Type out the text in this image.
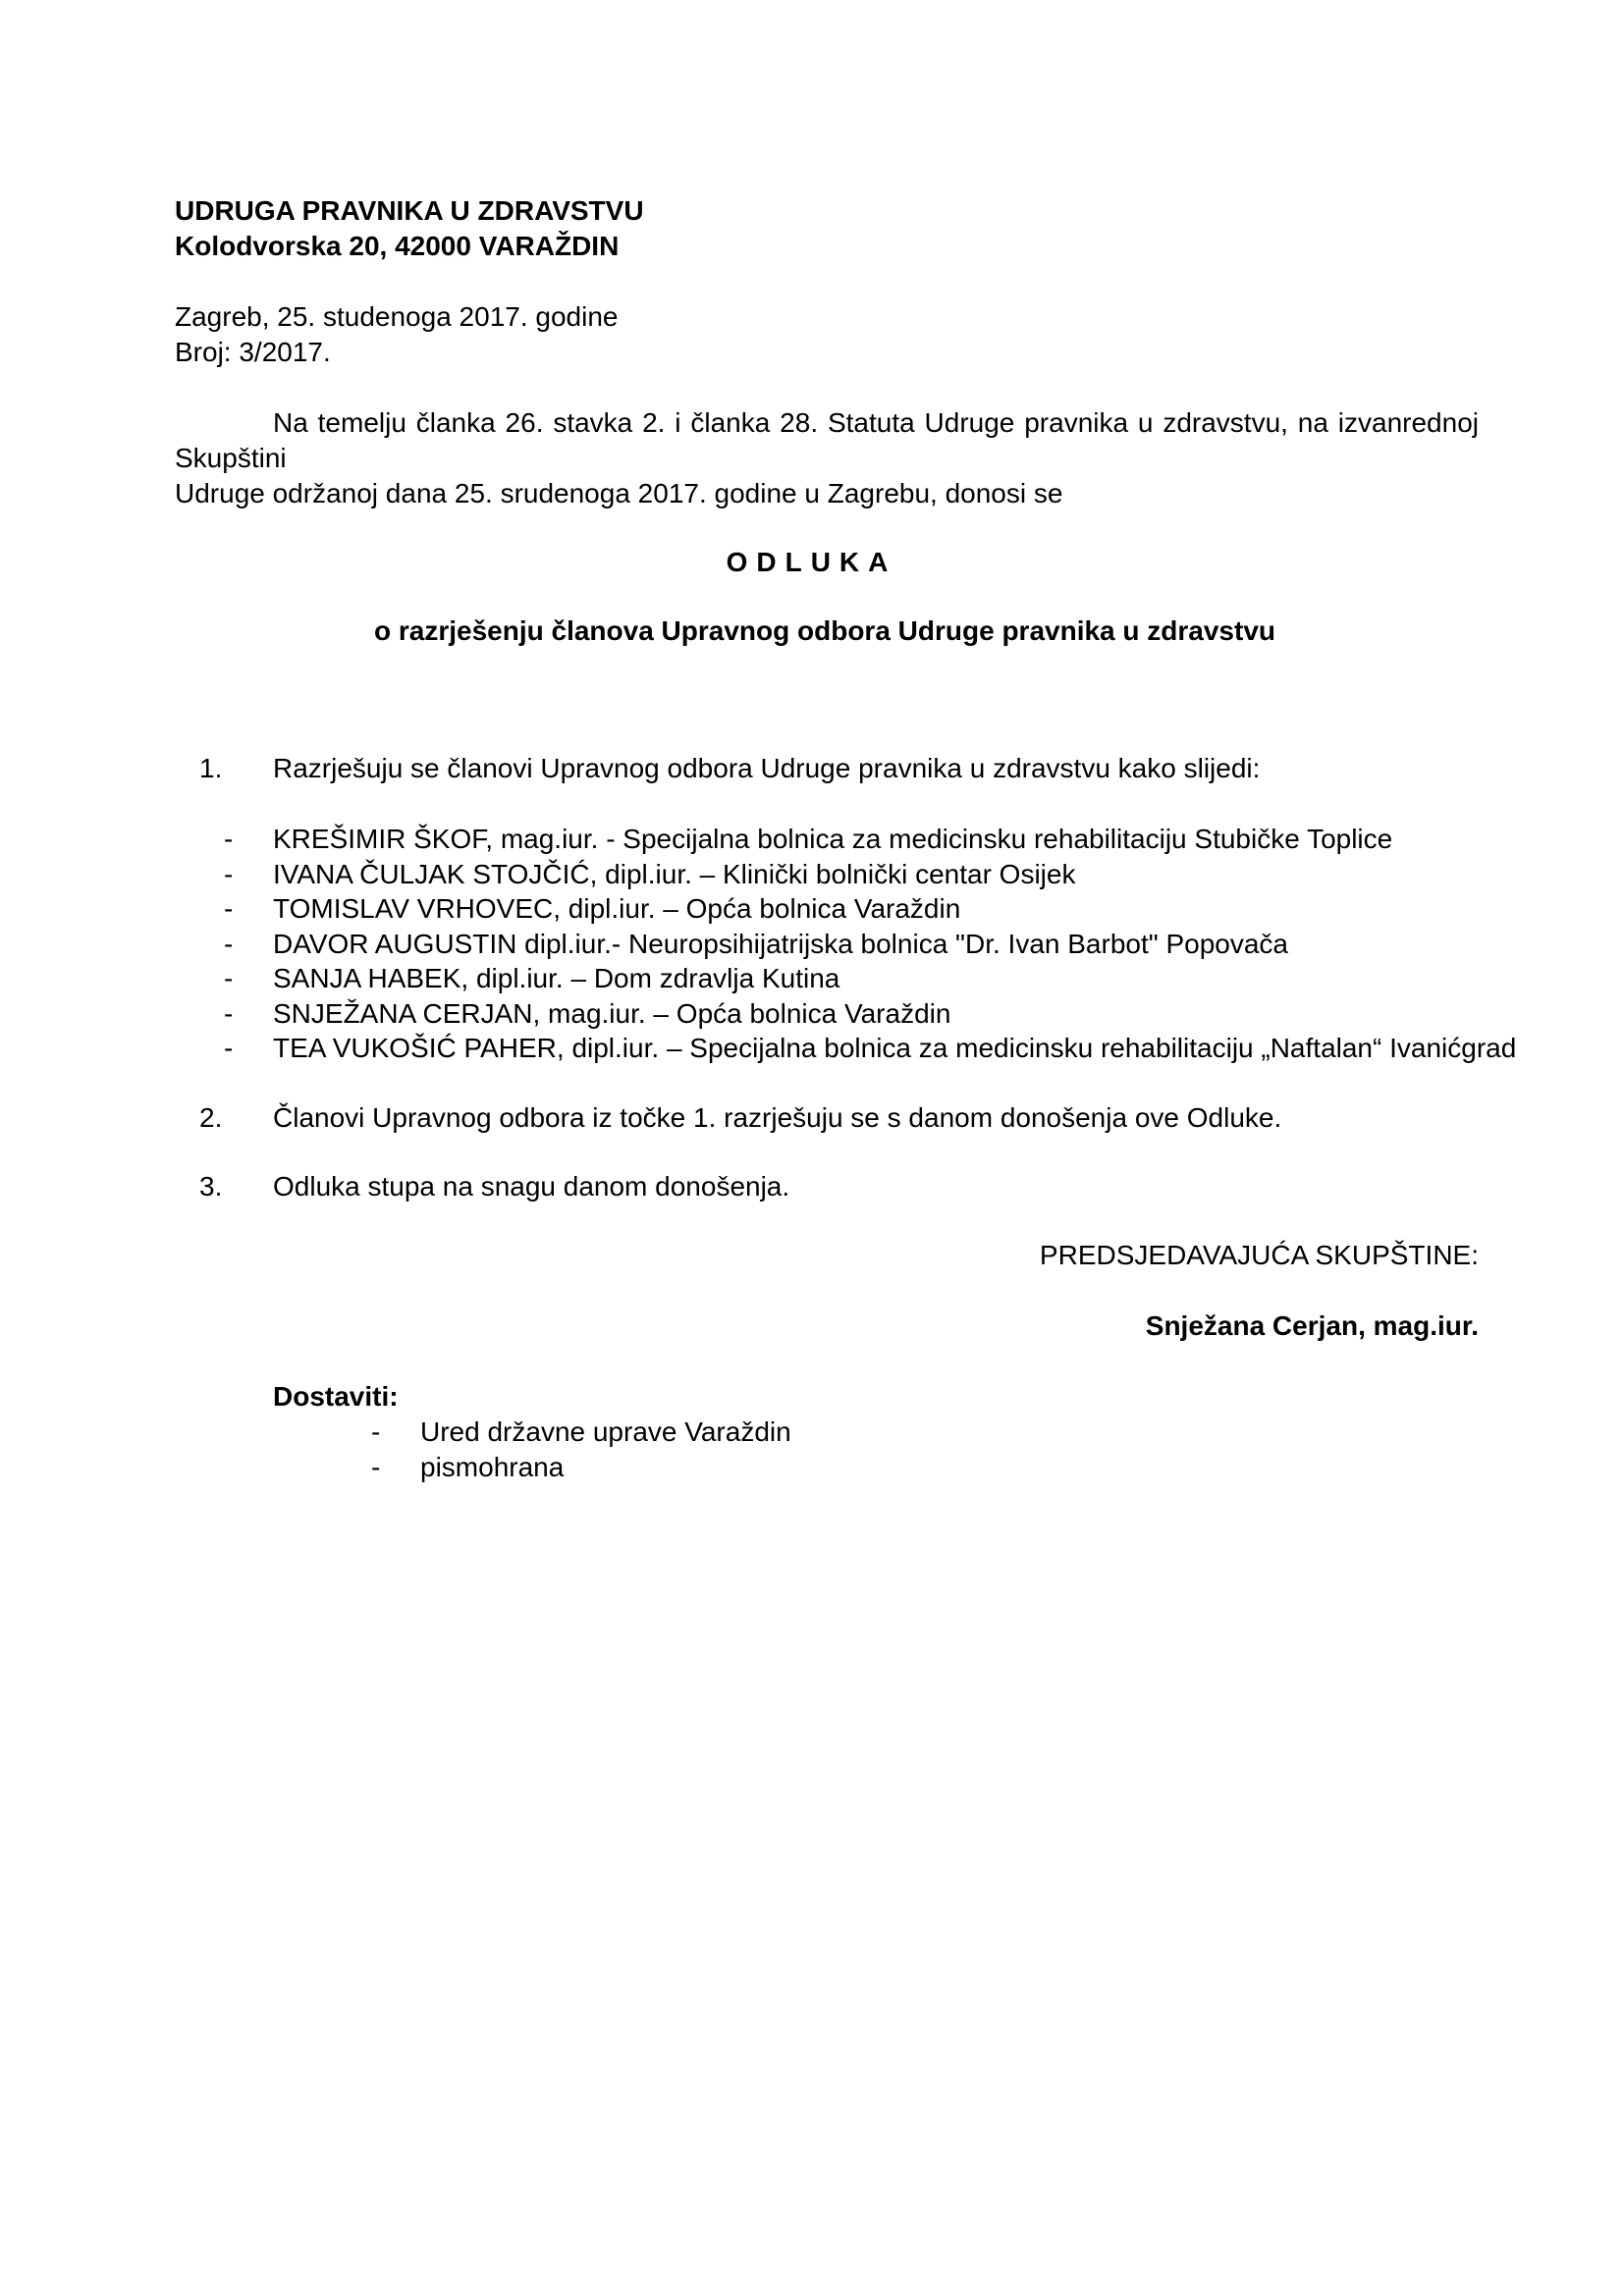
UDRUGA PRAVNIKA U ZDRAVSTVU
Kolodvorska 20, 42000 VARAŽDIN
Zagreb, 25. studenoga 2017. godine
Broj: 3/2017.
Na temelju članka 26. stavka 2. i članka 28. Statuta Udruge pravnika u zdravstvu, na izvanrednoj Skupštini
Udruge održanoj dana 25. srudenoga 2017. godine u Zagrebu, donosi se
ODLUKA
o razrješenju članova Upravnog odbora Udruge pravnika u zdravstvu
1. Razrješuju se članovi Upravnog odbora Udruge pravnika u zdravstvu kako slijedi:
- KREŠIMIR ŠKOF, mag.iur. - Specijalna bolnica za medicinsku rehabilitaciju Stubičke Toplice
- IVANA ČULJAK STOJČIĆ, dipl.iur. – Klinički bolnički centar Osijek
- TOMISLAV VRHOVEC, dipl.iur. – Opća bolnica Varaždin
- DAVOR AUGUSTIN dipl.iur.- Neuropsihijatrijska bolnica "Dr. Ivan Barbot" Popovača
- SANJA HABEK, dipl.iur. – Dom zdravlja Kutina
- SNJEŽANA CERJAN, mag.iur. – Opća bolnica Varaždin
- TEA VUKOŠIĆ PAHER, dipl.iur. – Specijalna bolnica za medicinsku rehabilitaciju „Naftalan“ Ivanićgrad
2. Članovi Upravnog odbora iz točke 1. razrješuju se s danom donošenja ove Odluke.
3. Odluka stupa na snagu danom donošenja.
PREDSJEDAVAJUĆA SKUPŠTINE:
Snježana Cerjan, mag.iur.
Dostaviti:
- Ured državne uprave Varaždin
- pismohrana
